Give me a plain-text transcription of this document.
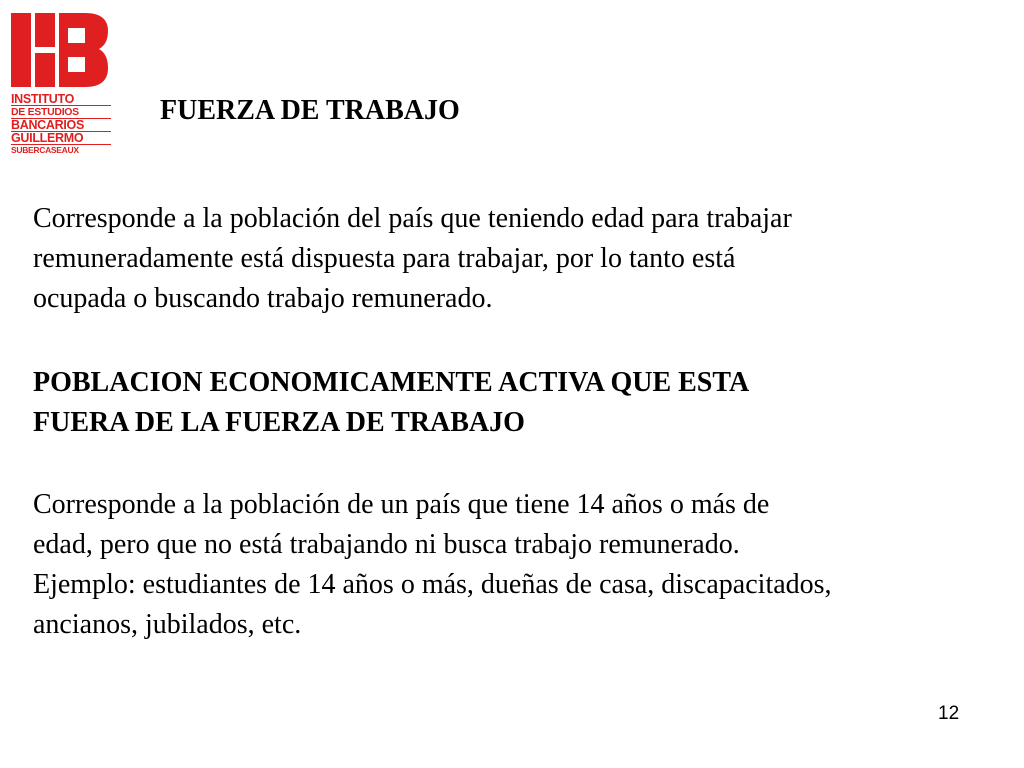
INSTITUTO
DE ESTUDIOS
BANCARIOS
GUILLERMO
SUBERCASEAUX
FUERZA DE TRABAJO
Corresponde a la población del país que teniendo edad para trabajar
remuneradamente está dispuesta para trabajar, por lo tanto está
ocupada o buscando trabajo remunerado.
POBLACION ECONOMICAMENTE ACTIVA QUE ESTA
FUERA DE LA FUERZA DE TRABAJO
Corresponde a la población de un país que tiene 14 años o más de
edad, pero que no está trabajando ni busca trabajo remunerado.
Ejemplo: estudiantes de 14 años o más, dueñas de casa, discapacitados,
ancianos, jubilados, etc.
12
